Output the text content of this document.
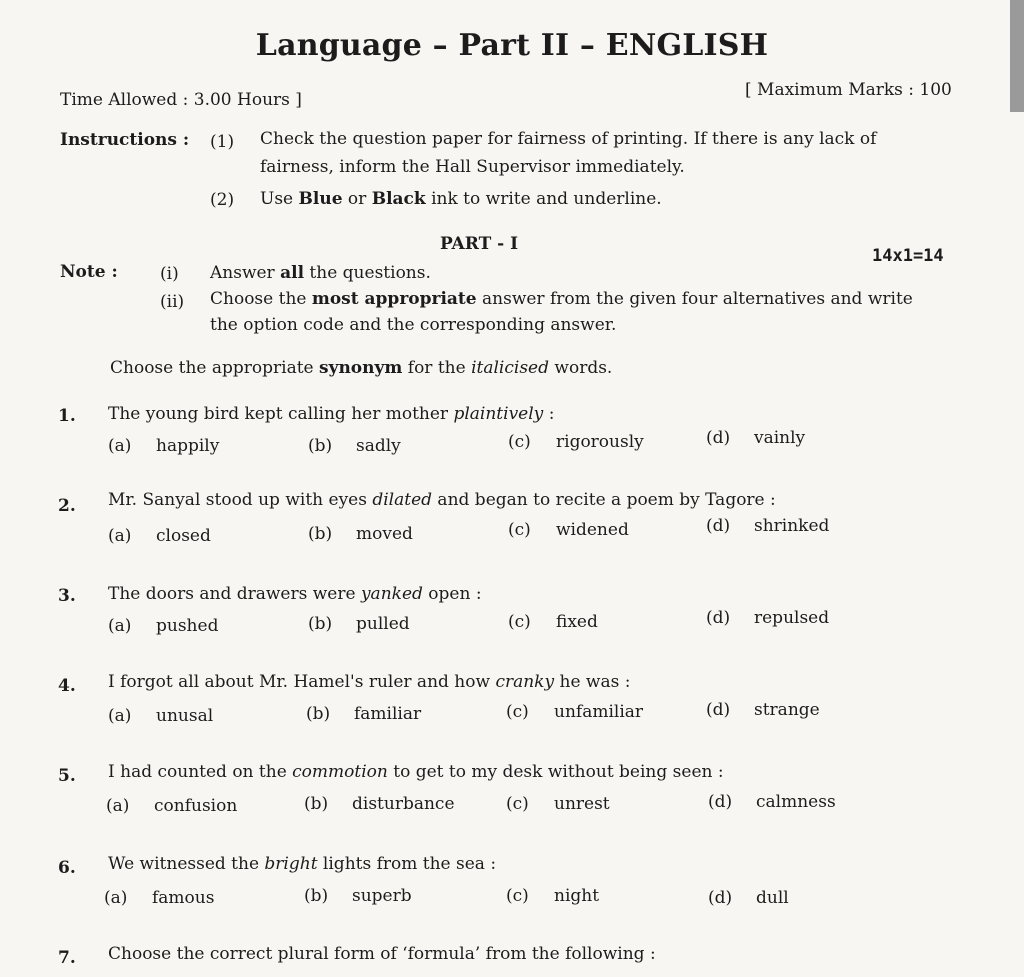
Language – Part II – ENGLISH
Time Allowed : 3.00 Hours ]	[ Maximum Marks : 100
Instructions : (1) Check the question paper for fairness of printing. If there is any lack of fairness, inform the Hall Supervisor immediately.
(2) Use Blue or Black ink to write and underline.
PART - I
14x1=14
Note : (i) Answer all the questions.
(ii) Choose the most appropriate answer from the given four alternatives and write the option code and the corresponding answer.
Choose the appropriate synonym for the italicised words.
1. The young bird kept calling her mother plaintively :
(a) happily	(b) sadly	(c) rigorously	(d) vainly
2. Mr. Sanyal stood up with eyes dilated and began to recite a poem by Tagore :
(a) closed	(b) moved	(c) widened	(d) shrinked
3. The doors and drawers were yanked open :
(a) pushed	(b) pulled	(c) fixed	(d) repulsed
4. I forgot all about Mr. Hamel's ruler and how cranky he was :
(a) unusal	(b) familiar	(c) unfamiliar	(d) strange
5. I had counted on the commotion to get to my desk without being seen :
(a) confusion	(b) disturbance	(c) unrest	(d) calmness
6. We witnessed the bright lights from the sea :
(a) famous	(b) superb	(c) night	(d) dull
7. Choose the correct plural form of ‘formula’ from the following :
